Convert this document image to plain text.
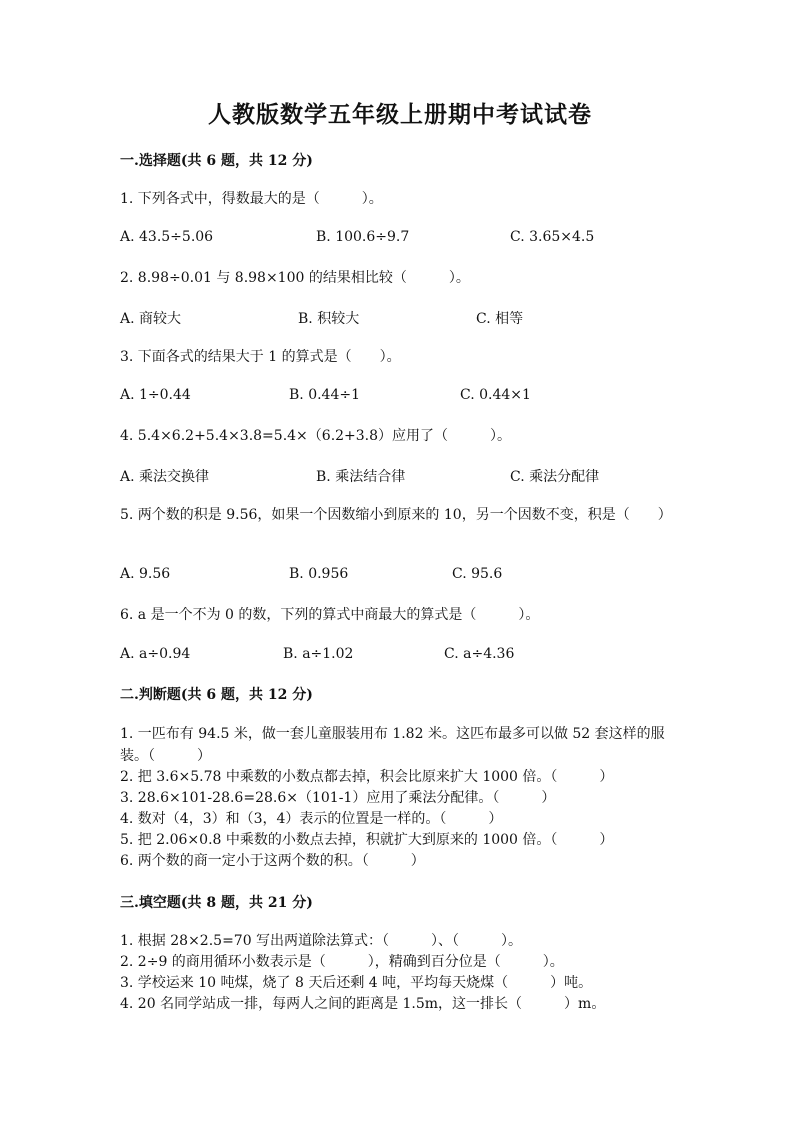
人教版数学五年级上册期中考试试卷
一.选择题(共 6 题，共 12 分)
1. 下列各式中，得数最大的是（　　　）。
A. 43.5÷5.06	B. 100.6÷9.7	C. 3.65×4.5
2. 8.98÷0.01 与 8.98×100 的结果相比较（　　　）。
A. 商较大	B. 积较大	C. 相等
3. 下面各式的结果大于 1 的算式是（　　）。
A. 1÷0.44	B. 0.44÷1	C. 0.44×1
4. 5.4×6.2+5.4×3.8=5.4×（6.2+3.8）应用了（　　　）。
A. 乘法交换律	B. 乘法结合律	C. 乘法分配律
5. 两个数的积是 9.56，如果一个因数缩小到原来的 10，另一个因数不变，积是（　　）
A. 9.56	B. 0.956	C. 95.6
6. a 是一个不为 0 的数，下列的算式中商最大的算式是（　　　）。
A. a÷0.94	B. a÷1.02	C. a÷4.36
二.判断题(共 6 题，共 12 分)
1. 一匹布有 94.5 米，做一套儿童服装用布 1.82 米。这匹布最多可以做 52 套这样的服装。（　　　）
2. 把 3.6×5.78 中乘数的小数点都去掉，积会比原来扩大 1000 倍。（　　　）
3. 28.6×101-28.6=28.6×（101-1）应用了乘法分配律。（　　　）
4. 数对（4，3）和（3，4）表示的位置是一样的。（　　　）
5. 把 2.06×0.8 中乘数的小数点去掉，积就扩大到原来的 1000 倍。（　　　）
6. 两个数的商一定小于这两个数的积。（　　　）
三.填空题(共 8 题，共 21 分)
1. 根据 28×2.5=70 写出两道除法算式：（　　　）、（　　　）。
2. 2÷9 的商用循环小数表示是（　　　），精确到百分位是（　　　）。
3. 学校运来 10 吨煤，烧了 8 天后还剩 4 吨，平均每天烧煤（　　　）吨。
4. 20 名同学站成一排，每两人之间的距离是 1.5m，这一排长（　　　）m。
